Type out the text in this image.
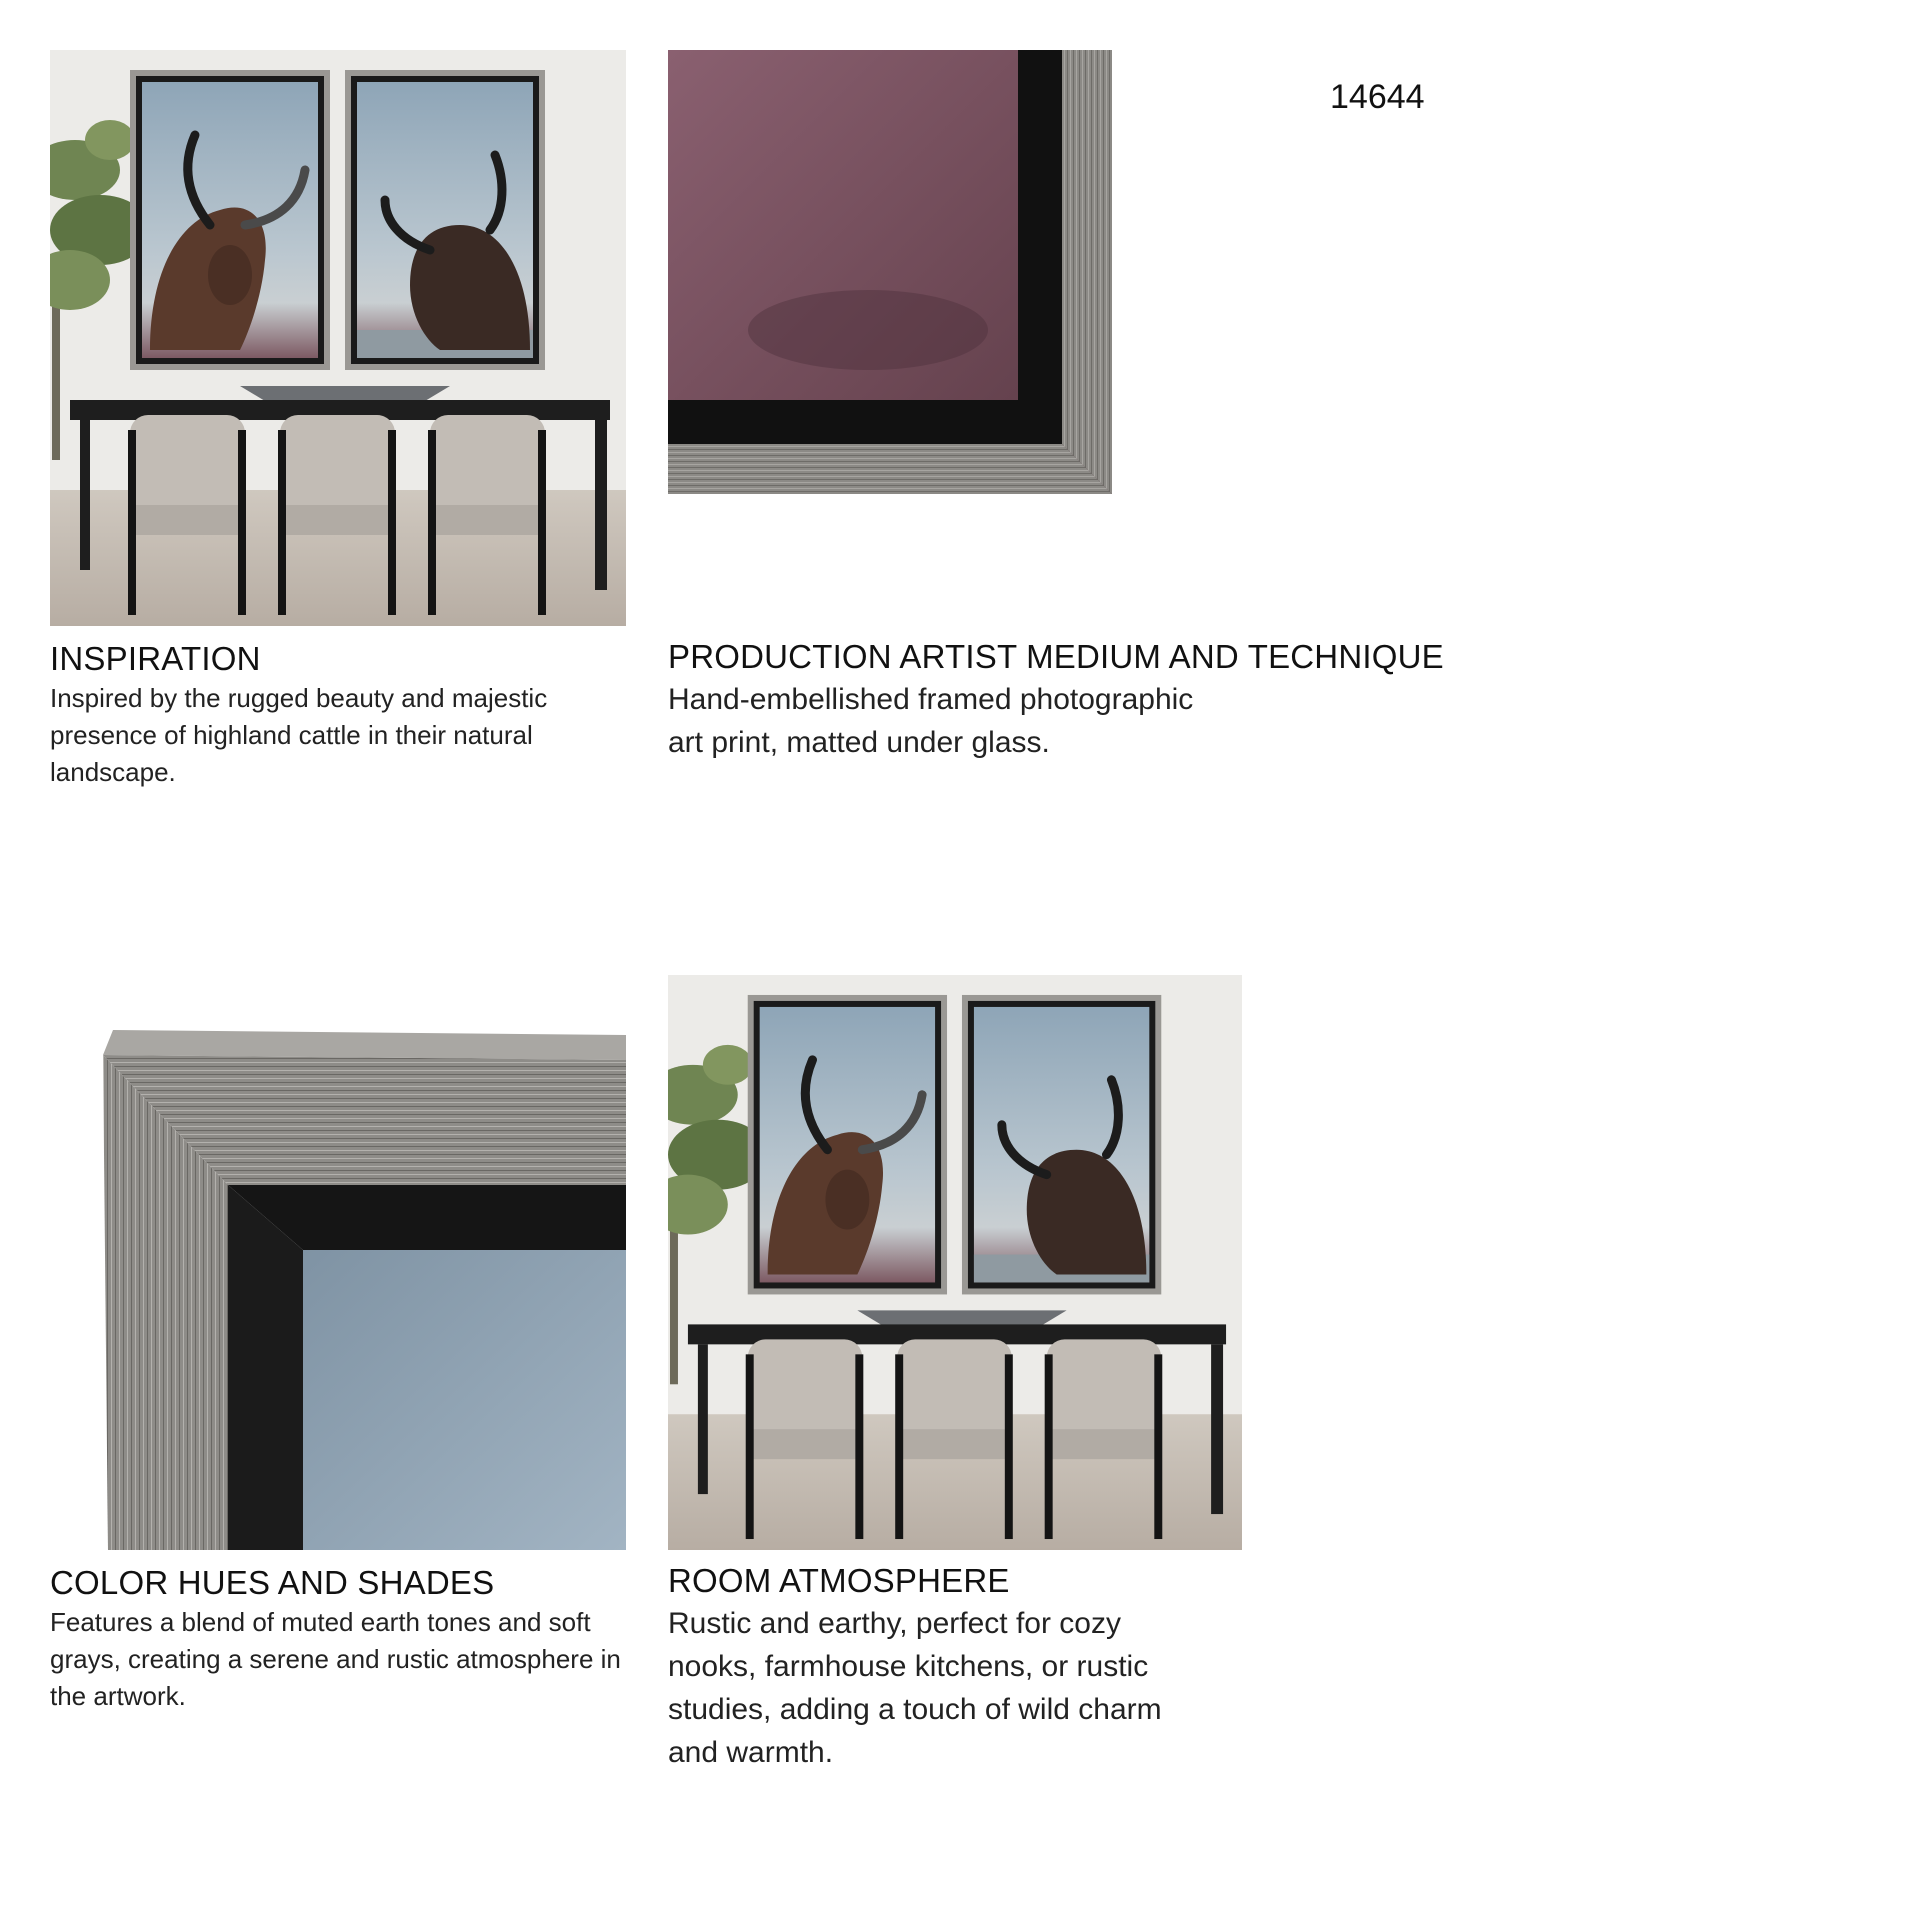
14644
INSPIRATION
Inspired by the rugged beauty and majestic presence of highland cattle in their natural landscape.
PRODUCTION ARTIST MEDIUM AND TECHNIQUE
Hand-embellished framed photographic
art print, matted under glass.
COLOR HUES AND SHADES
Features a blend of muted earth tones and soft grays, creating a serene and rustic atmosphere in the artwork.
ROOM ATMOSPHERE
Rustic and earthy, perfect for cozy
nooks, farmhouse kitchens, or rustic
studies, adding a touch of wild charm
and warmth.
